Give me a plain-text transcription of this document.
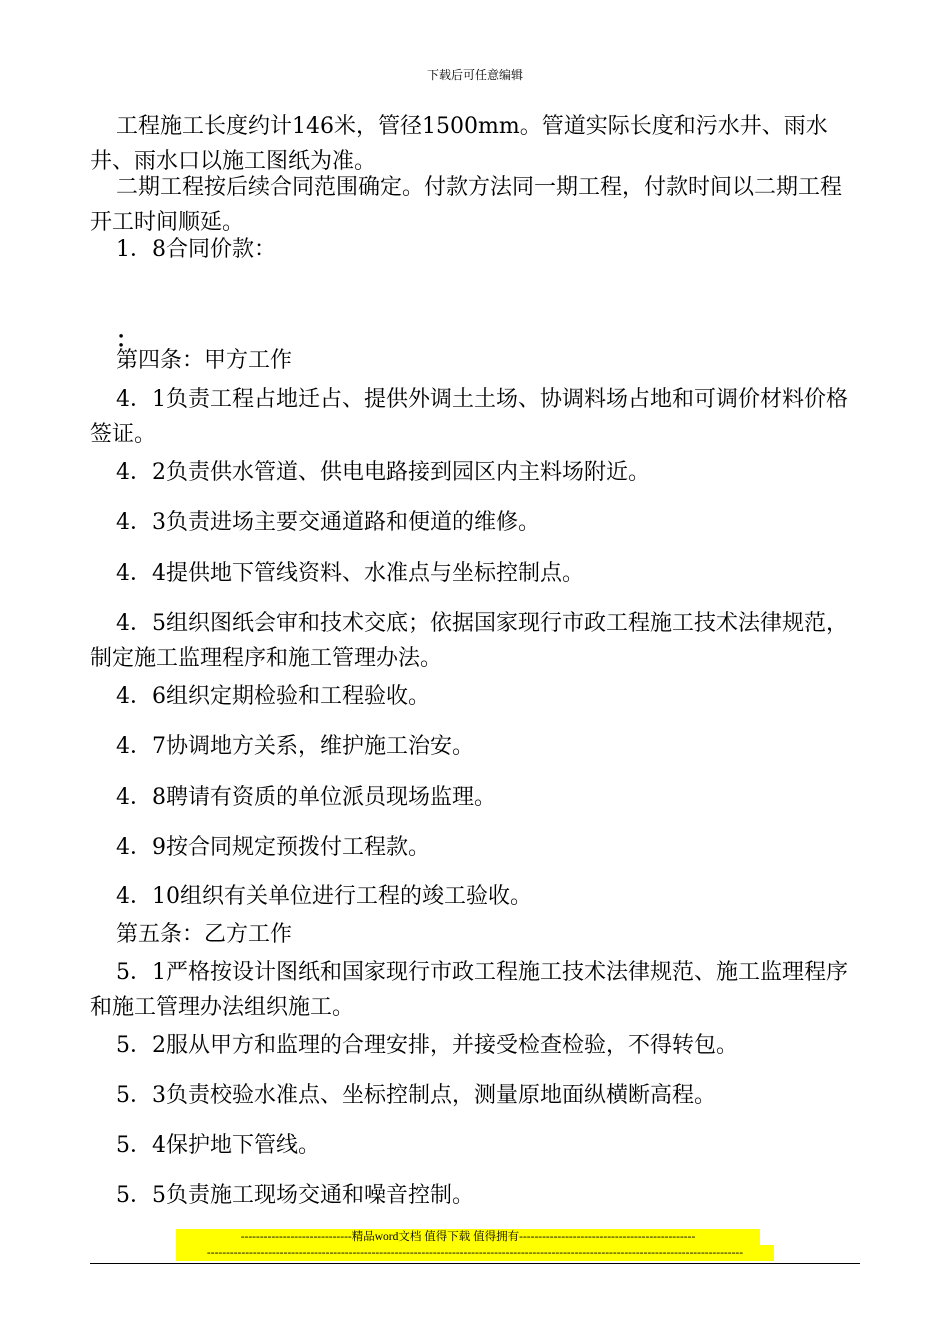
下载后可任意编辑
工程施工长度约计146米，管径1500mm。管道实际长度和污水井、雨水井、雨水口以施工图纸为准。
二期工程按后续合同范围确定。付款方法同一期工程，付款时间以二期工程开工时间顺延。
1．8合同价款：
：
第四条：甲方工作
4．1负责工程占地迁占、提供外调土土场、协调料场占地和可调价材料价格签证。
4．2负责供水管道、供电电路接到园区内主料场附近。
4．3负责进场主要交通道路和便道的维修。
4．4提供地下管线资料、水准点与坐标控制点。
4．5组织图纸会审和技术交底；依据国家现行市政工程施工技术法律规范，制定施工监理程序和施工管理办法。
4．6组织定期检验和工程验收。
4．7协调地方关系，维护施工治安。
4．8聘请有资质的单位派员现场监理。
4．9按合同规定预拨付工程款。
4．10组织有关单位进行工程的竣工验收。
第五条：乙方工作
5．1严格按设计图纸和国家现行市政工程施工技术法律规范、施工监理程序和施工管理办法组织施工。
5．2服从甲方和监理的合理安排，并接受检查检验，不得转包。
5．3负责校验水准点、坐标控制点，测量原地面纵横断高程。
5．4保护地下管线。
5．5负责施工现场交通和噪音控制。
-----------------------------精品word文档 值得下载 值得拥有----------------------------------------------
--------------------------------------------------------------------------------------------------------------------------------------------
